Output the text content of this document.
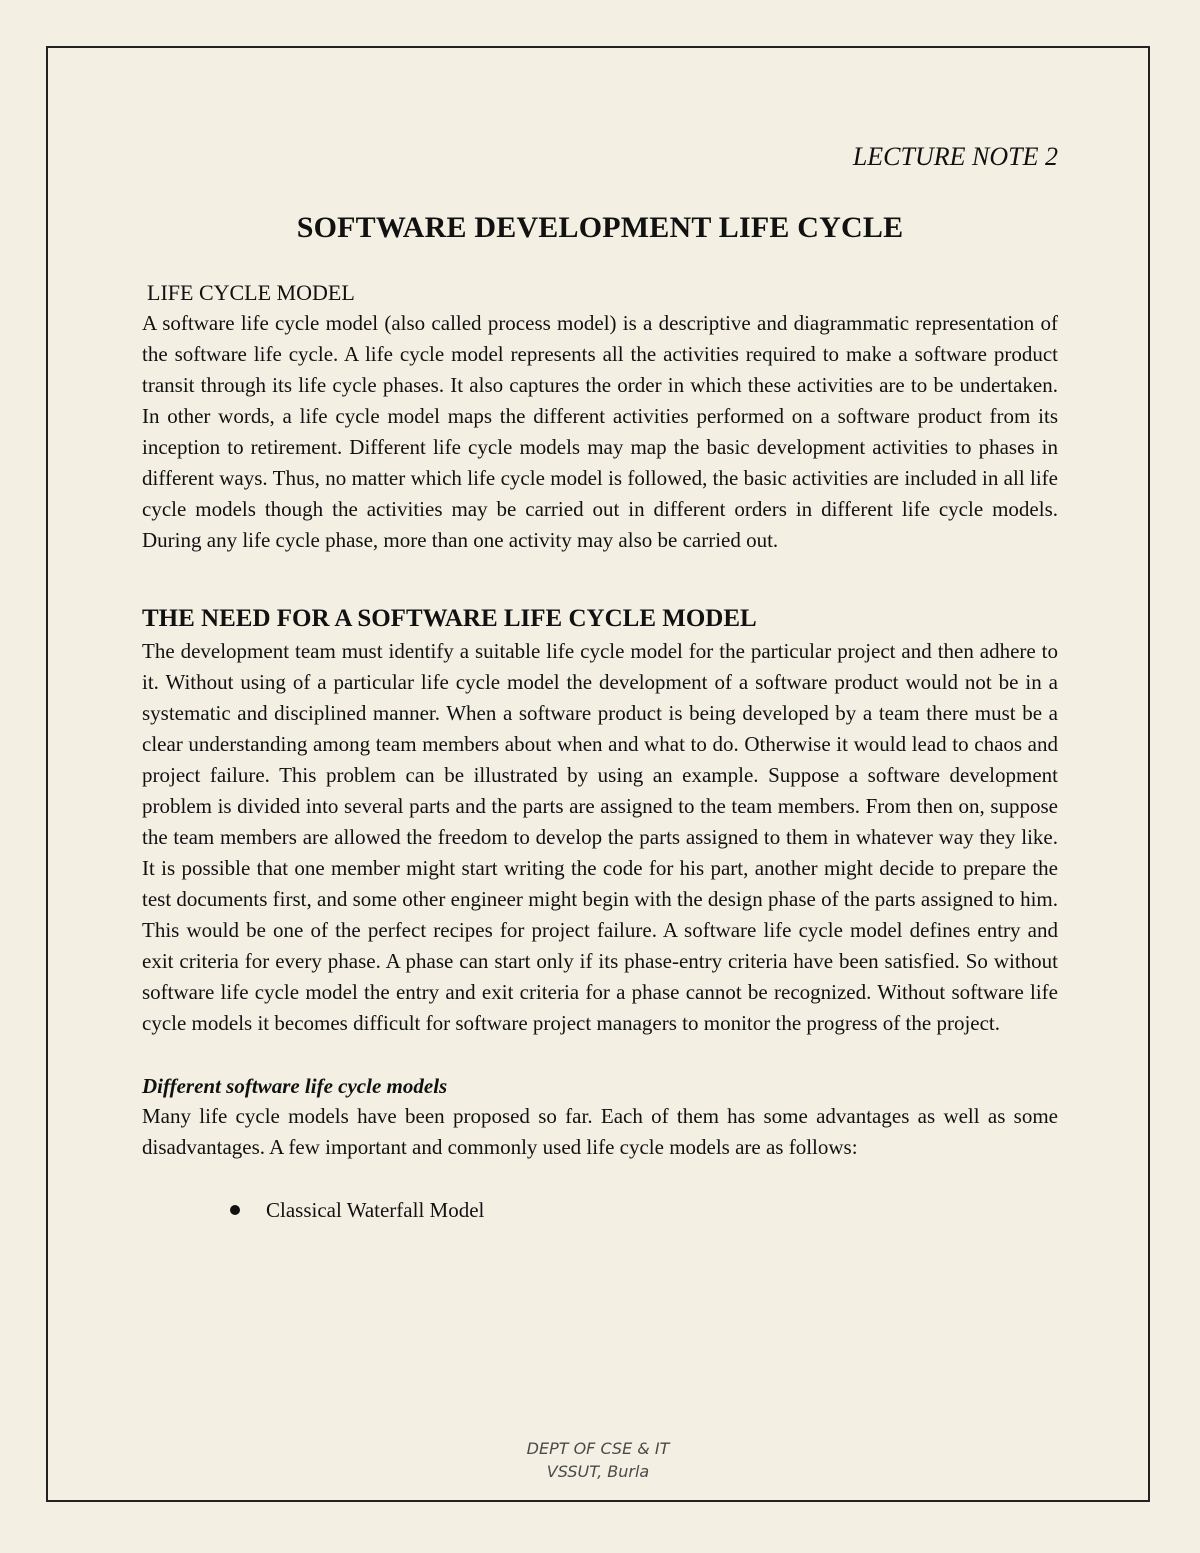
LECTURE NOTE 2
SOFTWARE DEVELOPMENT LIFE CYCLE
LIFE CYCLE MODEL

A software life cycle model (also called process model) is a descriptive and diagrammatic representation of the software life cycle. A life cycle model represents all the activities required to make a software product transit through its life cycle phases. It also captures the order in which these activities are to be undertaken. In other words, a life cycle model maps the different activities performed on a software product from its inception to retirement. Different life cycle models may map the basic development activities to phases in different ways. Thus, no matter which life cycle model is followed, the basic activities are included in all life cycle models though the activities may be carried out in different orders in different life cycle models. During any life cycle phase, more than one activity may also be carried out.

THE NEED FOR A SOFTWARE LIFE CYCLE MODEL

The development team must identify a suitable life cycle model for the particular project and then adhere to it. Without using of a particular life cycle model the development of a software product would not be in a systematic and disciplined manner. When a software product is being developed by a team there must be a clear understanding among team members about when and what to do. Otherwise it would lead to chaos and project failure. This problem can be illustrated by using an example. Suppose a software development problem is divided into several parts and the parts are assigned to the team members. From then on, suppose the team members are allowed the freedom to develop the parts assigned to them in whatever way they like. It is possible that one member might start writing the code for his part, another might decide to prepare the test documents first, and some other engineer might begin with the design phase of the parts assigned to him. This would be one of the perfect recipes for project failure. A software life cycle model defines entry and exit criteria for every phase. A phase can start only if its phase-entry criteria have been satisfied. So without software life cycle model the entry and exit criteria for a phase cannot be recognized. Without software life cycle models it becomes difficult for software project managers to monitor the progress of the project.

Different software life cycle models

Many life cycle models have been proposed so far. Each of them has some advantages as well as some disadvantages. A few important and commonly used life cycle models are as follows:

Classical Waterfall Model
DEPT OF CSE & IT
VSSUT, Burla
